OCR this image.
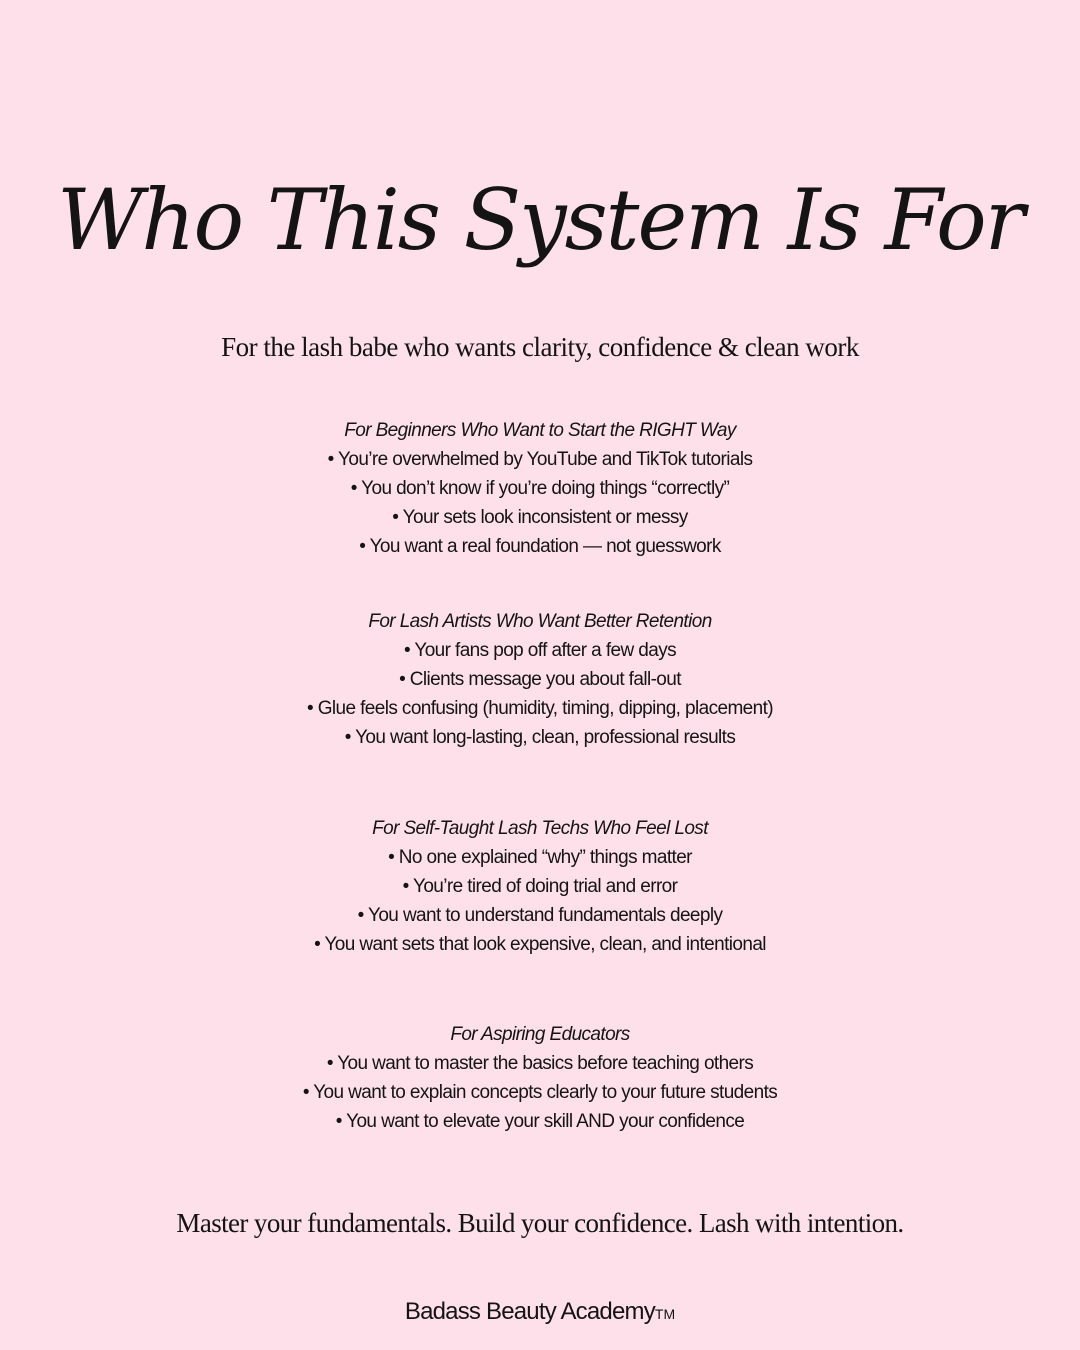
Who This System Is For
For the lash babe who wants clarity, confidence & clean work
For Beginners Who Want to Start the RIGHT Way
• You’re overwhelmed by YouTube and TikTok tutorials
• You don’t know if you’re doing things “correctly”
• Your sets look inconsistent or messy
• You want a real foundation — not guesswork
For Lash Artists Who Want Better Retention
• Your fans pop off after a few days
• Clients message you about fall-out
• Glue feels confusing (humidity, timing, dipping, placement)
• You want long-lasting, clean, professional results
For Self-Taught Lash Techs Who Feel Lost
• No one explained “why” things matter
• You’re tired of doing trial and error
• You want to understand fundamentals deeply
• You want sets that look expensive, clean, and intentional
For Aspiring Educators
• You want to master the basics before teaching others
• You want to explain concepts clearly to your future students
• You want to elevate your skill AND your confidence
Master your fundamentals. Build your confidence. Lash with intention.
Badass Beauty AcademyTM
